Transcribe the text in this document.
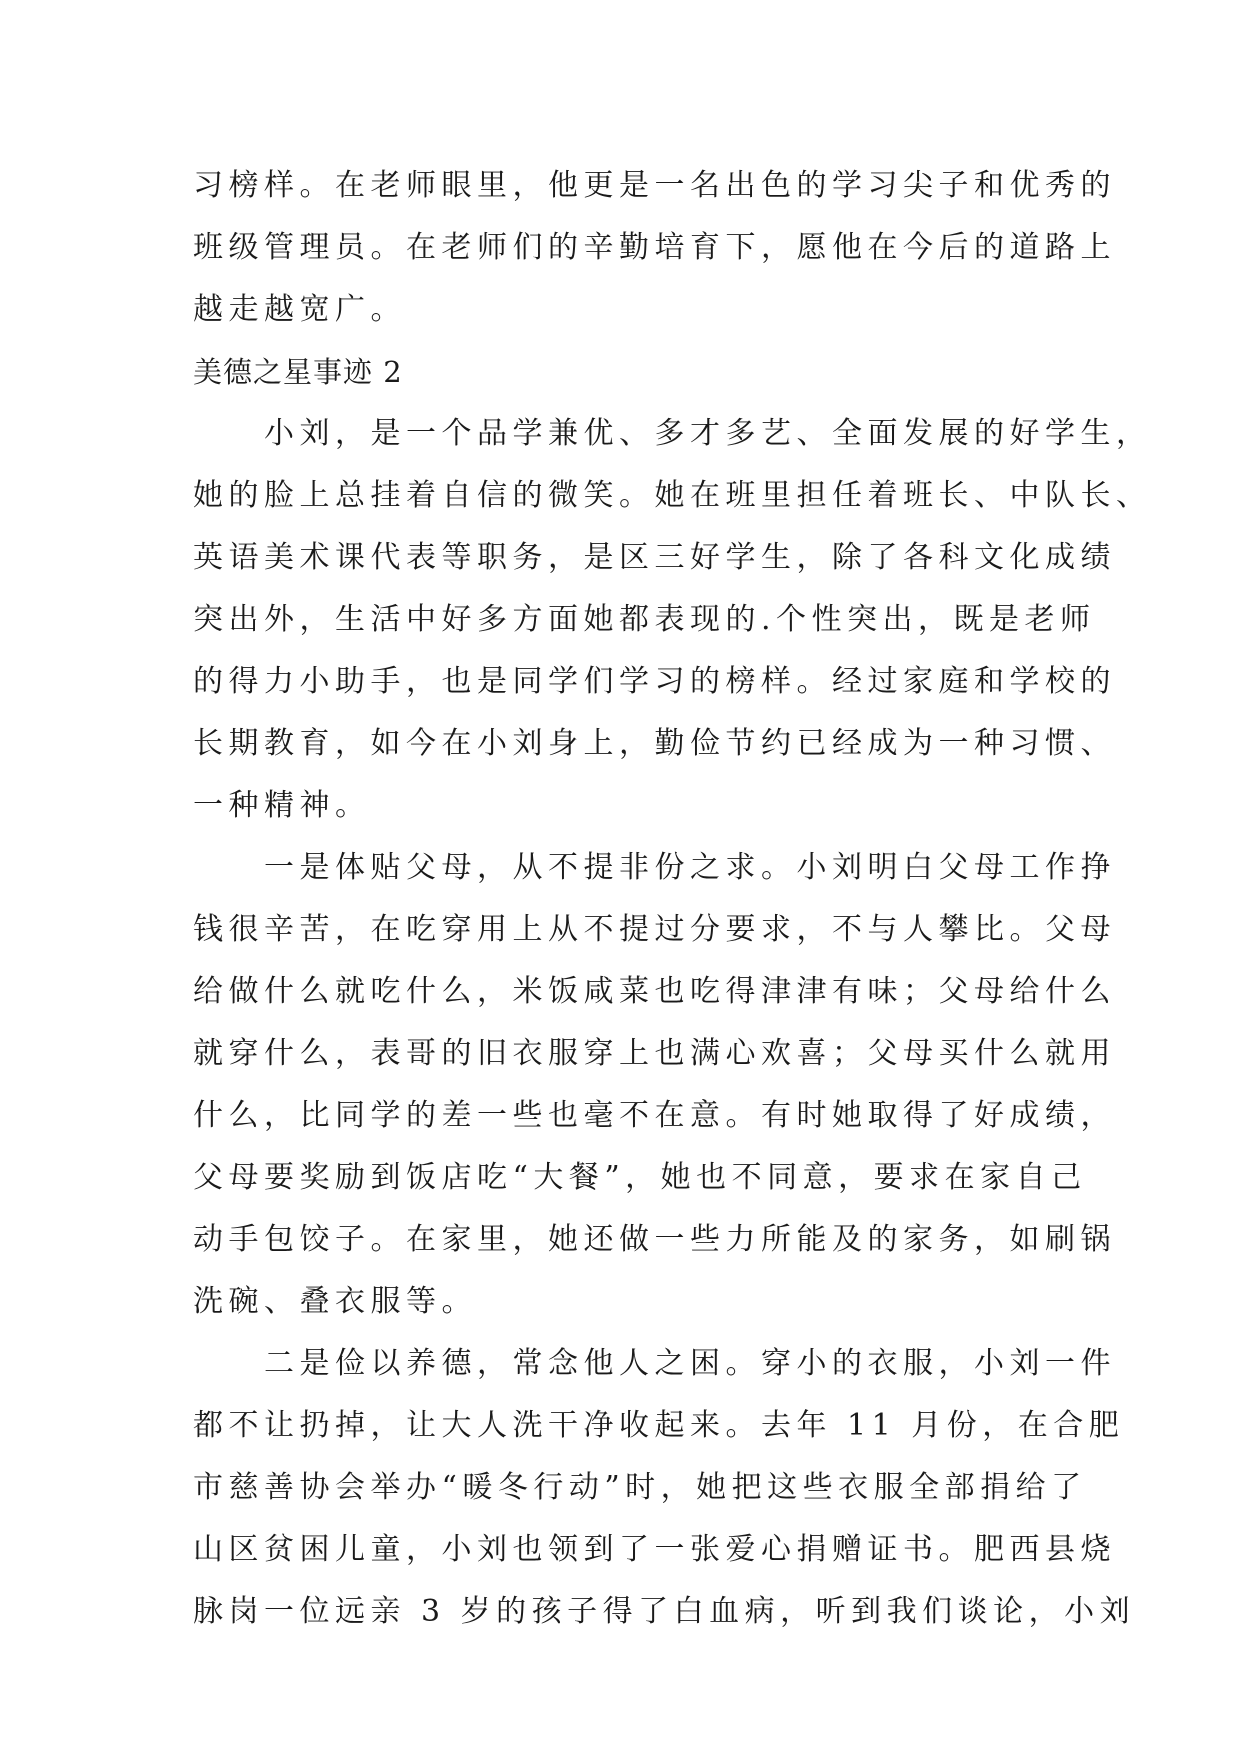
习榜样。在老师眼里，他更是一名出色的学习尖子和优秀的
班级管理员。在老师们的辛勤培育下，愿他在今后的道路上
越走越宽广。
美德之星事迹 2
　　小刘，是一个品学兼优、多才多艺、全面发展的好学生，
她的脸上总挂着自信的微笑。她在班里担任着班长、中队长、
英语美术课代表等职务，是区三好学生，除了各科文化成绩
突出外，生活中好多方面她都表现的.个性突出，既是老师
的得力小助手，也是同学们学习的榜样。经过家庭和学校的
长期教育，如今在小刘身上，勤俭节约已经成为一种习惯、
一种精神。
　　一是体贴父母，从不提非份之求。小刘明白父母工作挣
钱很辛苦，在吃穿用上从不提过分要求，不与人攀比。父母
给做什么就吃什么，米饭咸菜也吃得津津有味；父母给什么
就穿什么，表哥的旧衣服穿上也满心欢喜；父母买什么就用
什么，比同学的差一些也毫不在意。有时她取得了好成绩，
父母要奖励到饭店吃“大餐”，她也不同意，要求在家自己
动手包饺子。在家里，她还做一些力所能及的家务，如刷锅
洗碗、叠衣服等。
　　二是俭以养德，常念他人之困。穿小的衣服，小刘一件
都不让扔掉，让大人洗干净收起来。去年 11 月份，在合肥
市慈善协会举办“暖冬行动”时，她把这些衣服全部捐给了
山区贫困儿童，小刘也领到了一张爱心捐赠证书。肥西县烧
脉岗一位远亲 3 岁的孩子得了白血病，听到我们谈论，小刘
